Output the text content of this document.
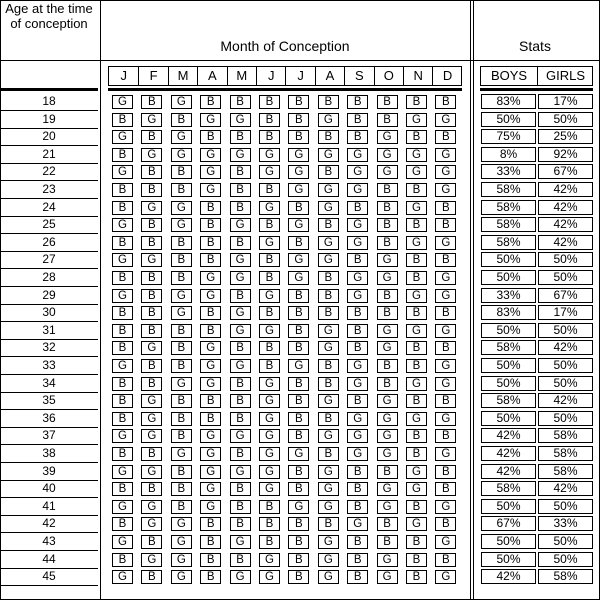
Age at the time of conception
Month of Conception	Stats
J	F	M	A	M	J	J	A	S	O	N	D	BOYS	GIRLS
18	G	B	G	B	B	B	B	B	B	B	B	B	83%	17%
19	B	G	B	G	G	B	B	G	B	B	G	G	50%	50%
20	G	B	G	B	B	B	B	B	B	G	B	B	75%	25%
21	B	G	G	G	G	G	G	G	G	G	G	G	8%	92%
22	G	B	B	G	B	G	G	B	G	G	G	G	33%	67%
23	B	B	B	G	B	B	G	G	G	B	B	G	58%	42%
24	B	G	G	B	B	G	B	G	B	B	G	B	58%	42%
25	G	B	G	B	G	B	G	B	G	B	B	B	58%	42%
26	B	B	B	B	B	G	B	G	G	B	G	G	58%	42%
27	G	G	B	B	G	B	G	G	B	G	B	B	50%	50%
28	B	B	B	G	G	B	G	B	G	G	B	G	50%	50%
29	G	B	G	G	B	G	B	B	G	B	G	G	33%	67%
30	B	B	G	B	G	B	B	B	B	B	B	B	83%	17%
31	B	B	B	B	G	G	B	G	B	G	G	G	50%	50%
32	B	G	B	G	B	B	B	G	B	G	B	B	58%	42%
33	G	B	B	G	G	B	G	B	G	B	B	G	50%	50%
34	B	B	G	G	B	G	B	B	G	B	G	G	50%	50%
35	B	G	B	B	B	G	B	G	B	G	B	B	58%	42%
36	B	G	B	B	B	G	B	B	G	G	G	G	50%	50%
37	G	G	B	G	G	G	B	G	G	G	B	B	42%	58%
38	B	B	G	G	B	G	G	B	G	G	B	G	42%	58%
39	G	G	B	G	G	G	B	G	B	B	G	B	42%	58%
40	B	B	B	G	B	G	B	G	B	G	G	B	58%	42%
41	G	G	B	G	B	B	G	G	B	G	B	G	50%	50%
42	B	G	G	B	B	B	B	B	G	B	G	B	67%	33%
43	G	B	G	B	G	B	B	G	B	B	B	G	50%	50%
44	B	G	G	B	B	G	B	G	B	G	B	B	50%	50%
45	G	B	G	B	G	G	B	G	B	G	B	G	42%	58%
